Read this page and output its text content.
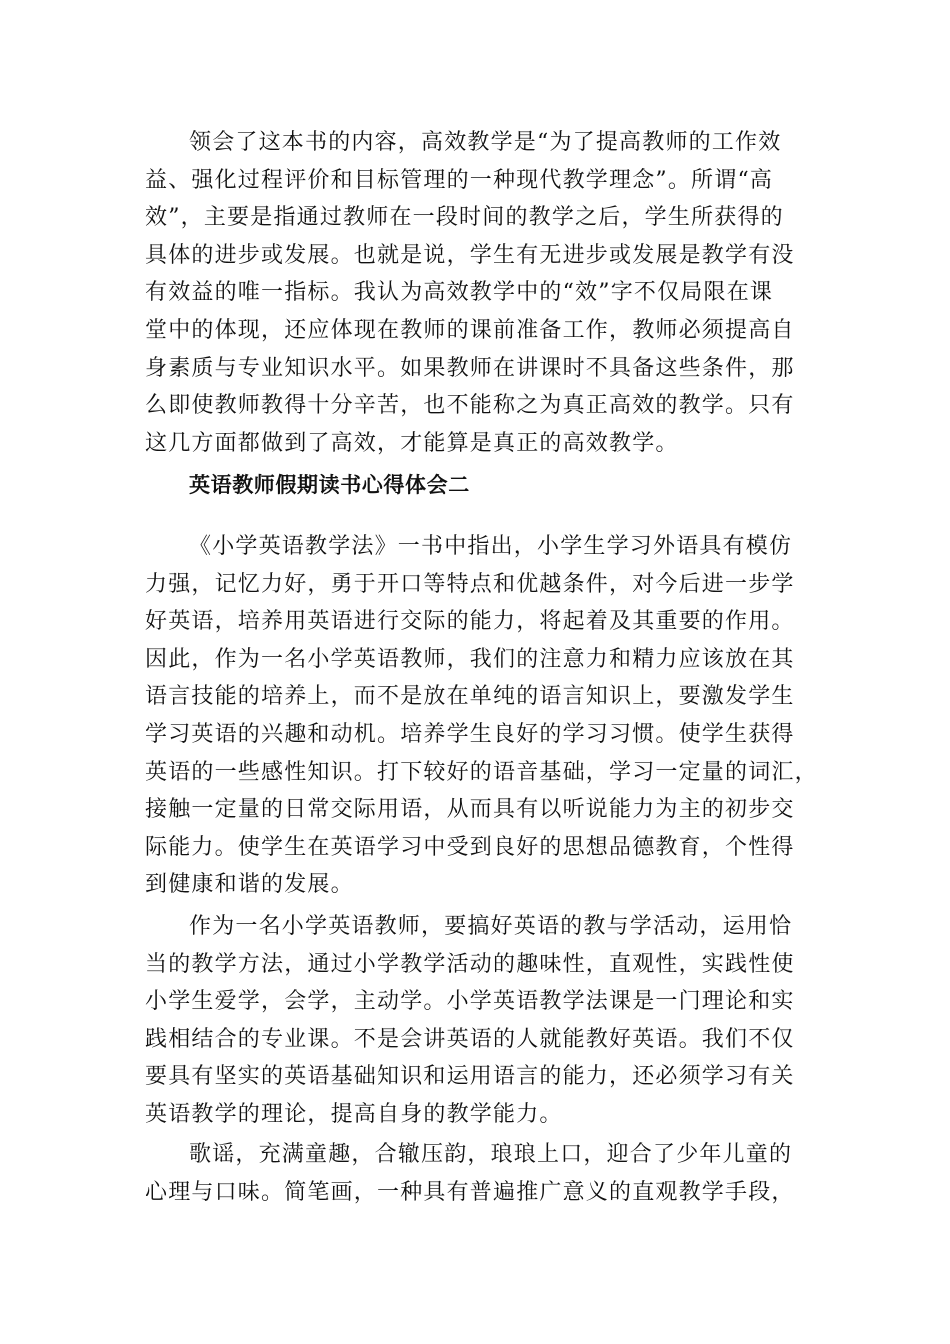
领会了这本书的内容，高效教学是“为了提高教师的工作效
益、强化过程评价和目标管理的一种现代教学理念”。所谓“高
效”，主要是指通过教师在一段时间的教学之后，学生所获得的
具体的进步或发展。也就是说，学生有无进步或发展是教学有没
有效益的唯一指标。我认为高效教学中的“效”字不仅局限在课
堂中的体现，还应体现在教师的课前准备工作，教师必须提高自
身素质与专业知识水平。如果教师在讲课时不具备这些条件，那
么即使教师教得十分辛苦，也不能称之为真正高效的教学。只有
这几方面都做到了高效，才能算是真正的高效教学。
英语教师假期读书心得体会二
《小学英语教学法》一书中指出，小学生学习外语具有模仿
力强，记忆力好，勇于开口等特点和优越条件，对今后进一步学
好英语，培养用英语进行交际的能力，将起着及其重要的作用。
因此，作为一名小学英语教师，我们的注意力和精力应该放在其
语言技能的培养上，而不是放在单纯的语言知识上，要激发学生
学习英语的兴趣和动机。培养学生良好的学习习惯。使学生获得
英语的一些感性知识。打下较好的语音基础，学习一定量的词汇，
接触一定量的日常交际用语，从而具有以听说能力为主的初步交
际能力。使学生在英语学习中受到良好的思想品德教育，个性得
到健康和谐的发展。
作为一名小学英语教师，要搞好英语的教与学活动，运用恰
当的教学方法，通过小学教学活动的趣味性，直观性，实践性使
小学生爱学，会学，主动学。小学英语教学法课是一门理论和实
践相结合的专业课。不是会讲英语的人就能教好英语。我们不仅
要具有坚实的英语基础知识和运用语言的能力，还必须学习有关
英语教学的理论，提高自身的教学能力。
歌谣，充满童趣，合辙压韵，琅琅上口，迎合了少年儿童的
心理与口味。简笔画，一种具有普遍推广意义的直观教学手段，
